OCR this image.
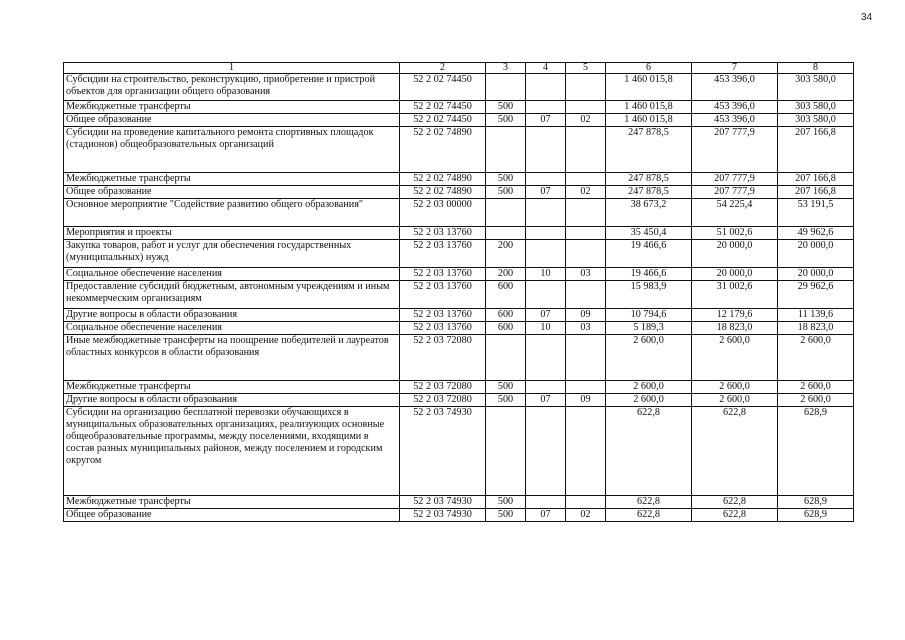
34
1	2	3	4	5	6	7	8
Субсидии на строительство, реконструкцию, приобретение и пристрой объектов для организации общего образования	52 2 02 74450				1 460 015,8	453 396,0	303 580,0
Межбюджетные трансферты	52 2 02 74450	500			1 460 015,8	453 396,0	303 580,0
Общее образование	52 2 02 74450	500	07	02	1 460 015,8	453 396,0	303 580,0
Субсидии на проведение капитального ремонта спортивных площадок (стадионов) общеобразовательных организаций	52 2 02 74890				247 878,5	207 777,9	207 166,8
Межбюджетные трансферты	52 2 02 74890	500			247 878,5	207 777,9	207 166,8
Общее образование	52 2 02 74890	500	07	02	247 878,5	207 777,9	207 166,8
Основное мероприятие "Содействие развитию общего образования"	52 2 03 00000				38 673,2	54 225,4	53 191,5
Мероприятия и проекты	52 2 03 13760				35 450,4	51 002,6	49 962,6
Закупка товаров, работ и услуг для обеспечения государственных (муниципальных) нужд	52 2 03 13760	200			19 466,6	20 000,0	20 000,0
Социальное обеспечение населения	52 2 03 13760	200	10	03	19 466,6	20 000,0	20 000,0
Предоставление субсидий бюджетным, автономным учреждениям и иным некоммерческим организациям	52 2 03 13760	600			15 983,9	31 002,6	29 962,6
Другие вопросы в области образования	52 2 03 13760	600	07	09	10 794,6	12 179,6	11 139,6
Социальное обеспечение населения	52 2 03 13760	600	10	03	5 189,3	18 823,0	18 823,0
Иные межбюджетные трансферты на поощрение победителей и лауреатов областных конкурсов в области образования	52 2 03 72080				2 600,0	2 600,0	2 600,0
Межбюджетные трансферты	52 2 03 72080	500			2 600,0	2 600,0	2 600,0
Другие вопросы в области образования	52 2 03 72080	500	07	09	2 600,0	2 600,0	2 600,0
Субсидии на организацию бесплатной перевозки обучающихся в муниципальных образовательных организациях, реализующих основные общеобразовательные программы, между поселениями, входящими в состав разных муниципальных районов, между поселением и городским округом	52 2 03 74930				622,8	622,8	628,9
Межбюджетные трансферты	52 2 03 74930	500			622,8	622,8	628,9
Общее образование	52 2 03 74930	500	07	02	622,8	622,8	628,9
